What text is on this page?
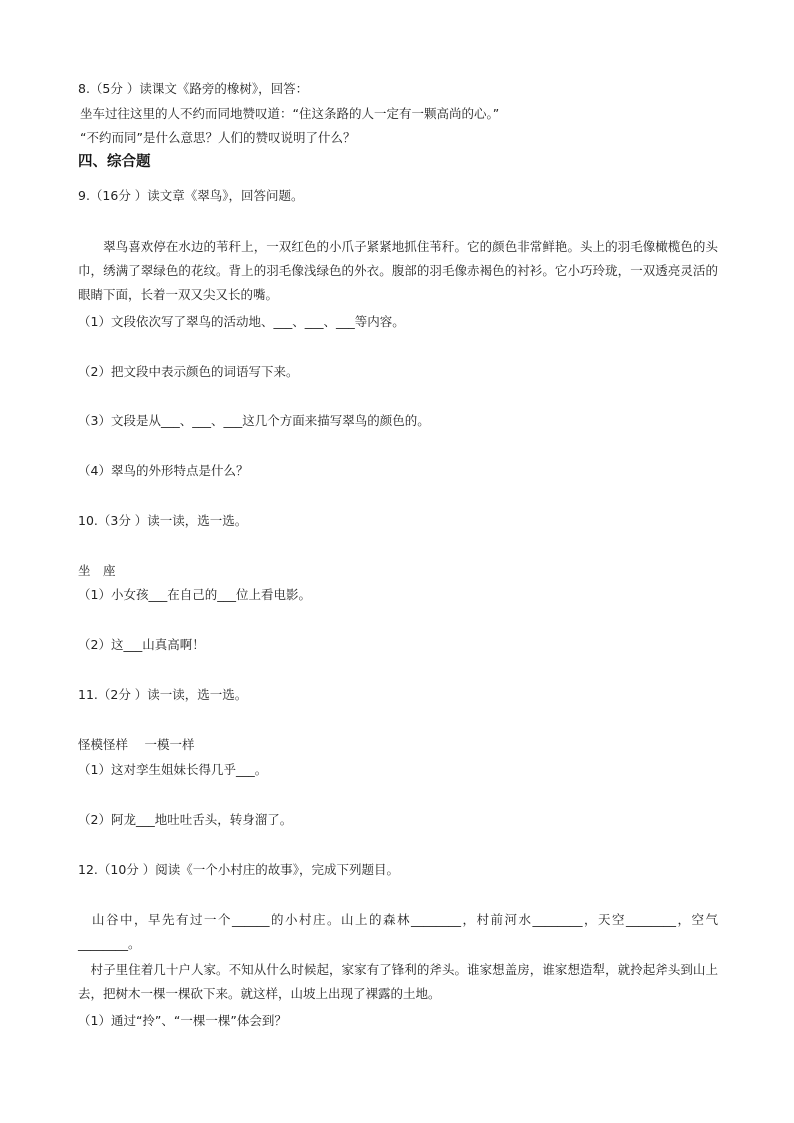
8.（5分 ）读课文《路旁的橡树》，回答：
坐车过往这里的人不约而同地赞叹道：“住这条路的人一定有一颗高尚的心。”
“不约而同”是什么意思？人们的赞叹说明了什么？
四、综合题
9.（16分 ）读文章《翠鸟》，回答问题。
　　翠鸟喜欢停在水边的苇秆上，一双红色的小爪子紧紧地抓住苇秆。它的颜色非常鲜艳。头上的羽毛像橄榄色的头巾，绣满了翠绿色的花纹。背上的羽毛像浅绿色的外衣。腹部的羽毛像赤褐色的衬衫。它小巧玲珑，一双透亮灵活的眼睛下面，长着一双又尖又长的嘴。
（1）文段依次写了翠鸟的活动地、___、___、___等内容。
（2）把文段中表示颜色的词语写下来。
（3）文段是从___、___、___这几个方面来描写翠鸟的颜色的。
（4）翠鸟的外形特点是什么？
10.（3分 ）读一读，选一选。
坐　座
（1）小女孩___在自己的___位上看电影。
（2）这___山真高啊！
11.（2分 ）读一读，选一选。
怪模怪样　 一模一样
（1）这对孪生姐妹长得几乎___。
（2）阿龙___地吐吐舌头，转身溜了。
12.（10分 ）阅读《一个小村庄的故事》，完成下列题目。
　山谷中，早先有过一个______的小村庄。山上的森林________，村前河水________，天空________，空气________。
　村子里住着几十户人家。不知从什么时候起，家家有了锋利的斧头。谁家想盖房，谁家想造犁，就拎起斧头到山上去，把树木一棵一棵砍下来。就这样，山坡上出现了裸露的土地。
（1）通过“拎”、“一棵一棵”体会到？
